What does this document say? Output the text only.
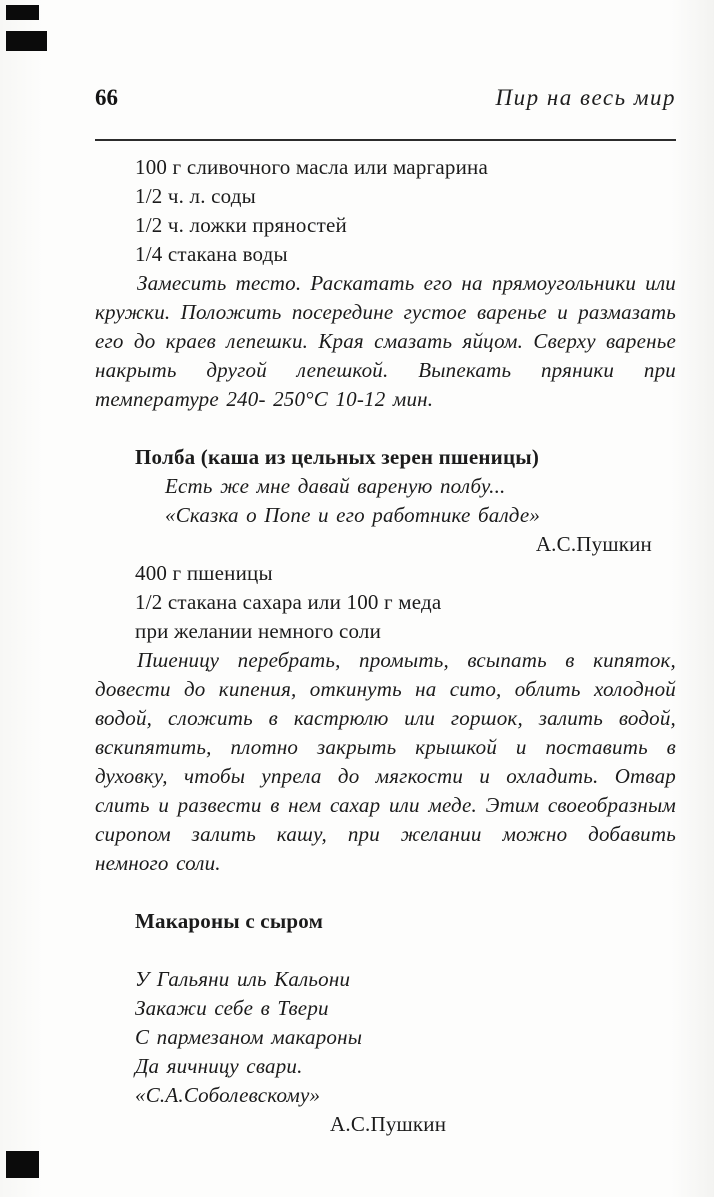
66	Пир на весь мир

100 г сливочного масла или маргарина

1/2 ч. л. соды

1/2 ч. ложки пряностей

1/4 стакана воды

Замесить тесто. Раскатать его на прямоугольники или кружки. Положить посередине густое варенье и размазать его до краев лепешки. Края смазать яйцом. Сверху варенье накрыть другой лепешкой. Выпекать пряники при температуре 240- 250°С 10-12 мин.

Полба (каша из цельных зерен пшеницы)

Есть же мне давай вареную полбу...

«Сказка о Попе и его работнике балде»

А.С.Пушкин

400 г пшеницы

1/2 стакана сахара или 100 г меда

при желании немного соли

Пшеницу перебрать, промыть, всыпать в кипяток, довести до кипения, откинуть на сито, облить холодной водой, сложить в кастрюлю или горшок, залить водой, вскипятить, плотно закрыть крышкой и поставить в духовку, чтобы упрела до мягкости и охладить. Отвар слить и развести в нем сахар или меде. Этим своеобразным сиропом залить кашу, при желании можно добавить немного соли.

Макароны с сыром

У Гальяни иль Кальони

Закажи себе в Твери

С пармезаном макароны

Да яичницу свари.

«С.А.Соболевскому»

А.С.Пушкин
